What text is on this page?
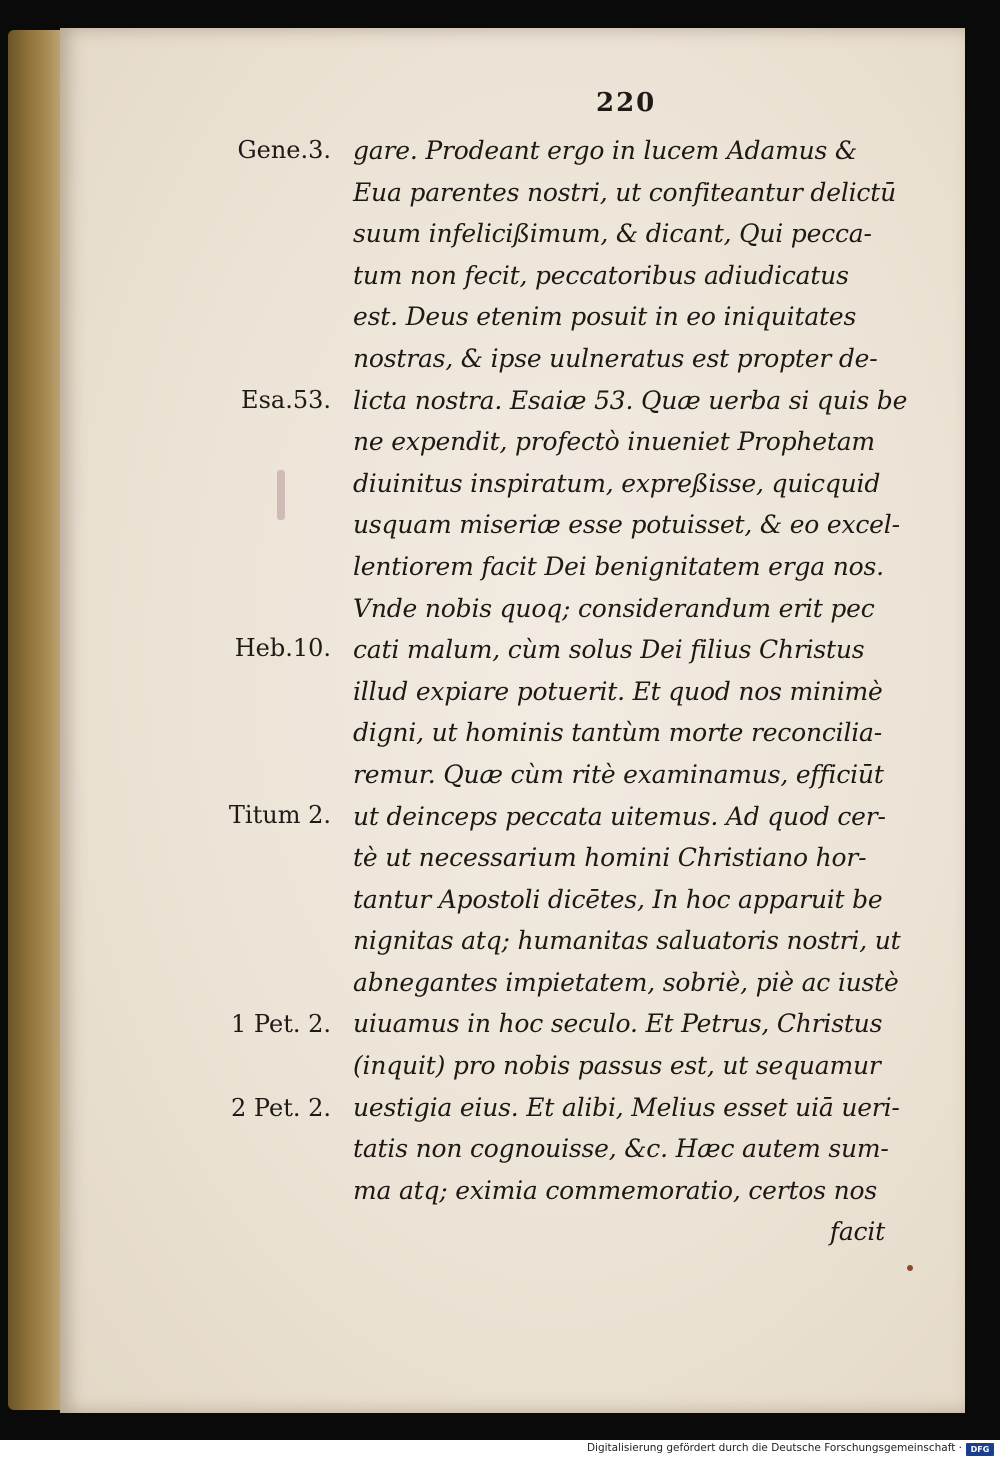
220
Gene.3.
Esa.53.
Heb.10.
Titum 2.
1 Pet. 2.
2 Pet. 2.
gare. Prodeant ergo in lucem Adamus &
Eua parentes nostri, ut confiteantur delictū
suum infelicißimum, & dicant, Qui pecca-
tum non fecit, peccatoribus adiudicatus
est. Deus etenim posuit in eo iniquitates
nostras, & ipse uulneratus est propter de-
licta nostra. Esaiæ 53. Quæ uerba si quis be
ne expendit, profectò inueniet Prophetam
diuinitus inspiratum, expreßisse, quicquid
usquam miseriæ esse potuisset, & eo excel-
lentiorem facit Dei benignitatem erga nos.
Vnde nobis quoq; considerandum erit pec
cati malum, cùm solus Dei filius Christus
illud expiare potuerit. Et quod nos minimè
digni, ut hominis tantùm morte reconcilia-
remur. Quæ cùm ritè examinamus, efficiūt
ut deinceps peccata uitemus. Ad quod cer-
tè ut necessarium homini Christiano hor-
tantur Apostoli dicētes, In hoc apparuit be
nignitas atq; humanitas saluatoris nostri, ut
abnegantes impietatem, sobriè, piè ac iustè
uiuamus in hoc seculo. Et Petrus, Christus
(inquit) pro nobis passus est, ut sequamur
uestigia eius. Et alibi, Melius esset uiā ueri-
tatis non cognouisse, &c. Hæc autem sum-
ma atq; eximia commemoratio, certos nos
facit
Digitalisierung gefördert durch die Deutsche Forschungsgemeinschaft ·	DFG
